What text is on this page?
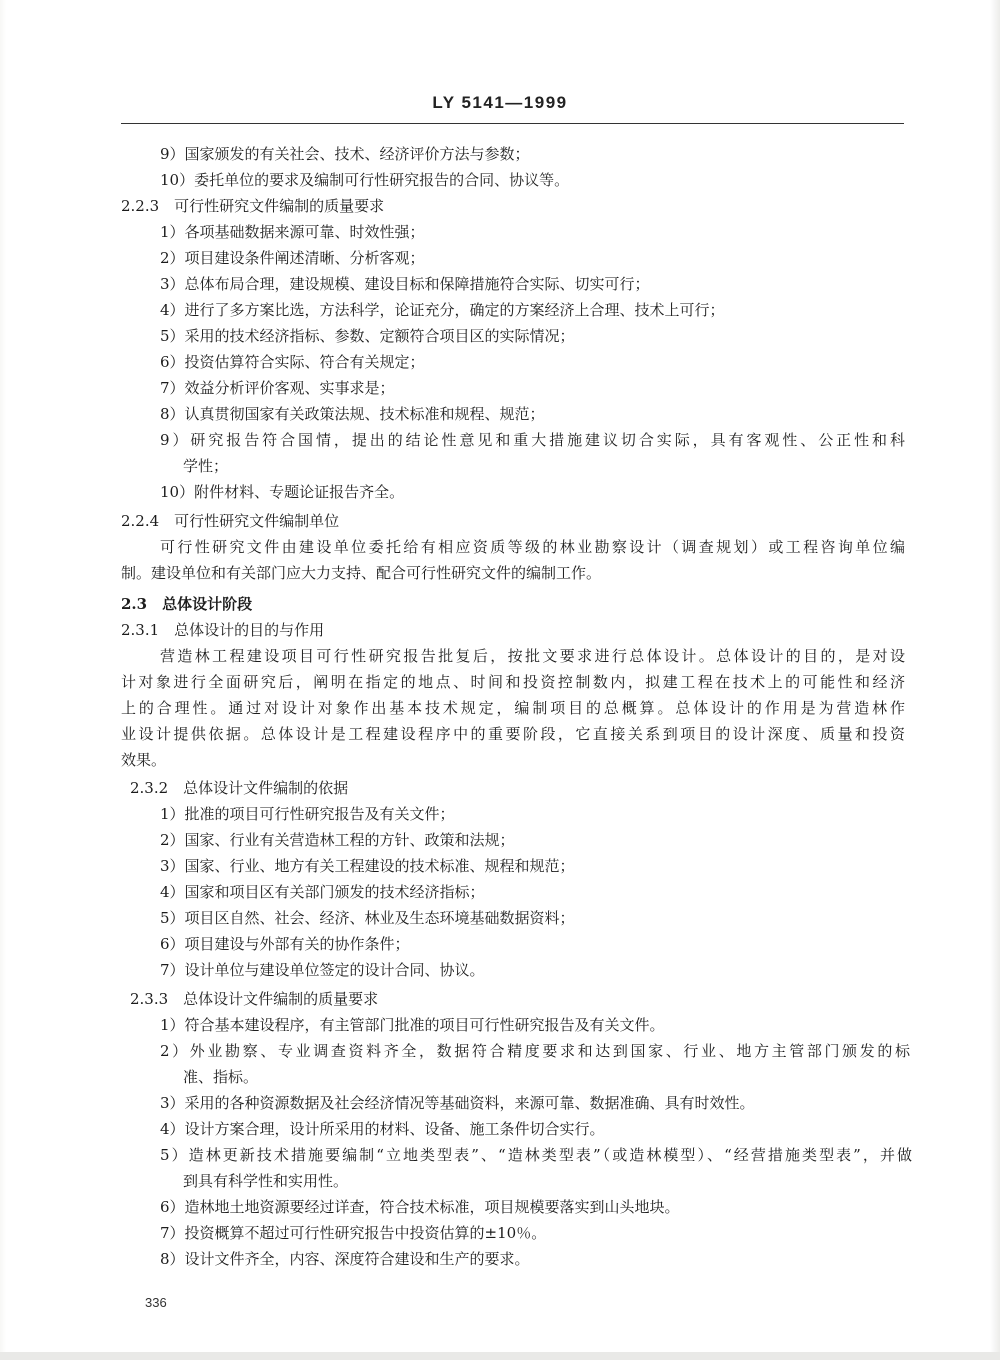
LY 5141—1999
9）国家颁发的有关社会、技术、经济评价方法与参数；
10）委托单位的要求及编制可行性研究报告的合同、协议等。
2.2.3　可行性研究文件编制的质量要求
1）各项基础数据来源可靠、时效性强；
2）项目建设条件阐述清晰、分析客观；
3）总体布局合理，建设规模、建设目标和保障措施符合实际、切实可行；
4）进行了多方案比选，方法科学，论证充分，确定的方案经济上合理、技术上可行；
5）采用的技术经济指标、参数、定额符合项目区的实际情况；
6）投资估算符合实际、符合有关规定；
7）效益分析评价客观、实事求是；
8）认真贯彻国家有关政策法规、技术标准和规程、规范；
9）研究报告符合国情，提出的结论性意见和重大措施建议切合实际，具有客观性、公正性和科
学性；
10）附件材料、专题论证报告齐全。
2.2.4　可行性研究文件编制单位
可行性研究文件由建设单位委托给有相应资质等级的林业勘察设计（调查规划）或工程咨询单位编
制。建设单位和有关部门应大力支持、配合可行性研究文件的编制工作。
2.3　总体设计阶段
2.3.1　总体设计的目的与作用
营造林工程建设项目可行性研究报告批复后，按批文要求进行总体设计。总体设计的目的，是对设
计对象进行全面研究后，阐明在指定的地点、时间和投资控制数内，拟建工程在技术上的可能性和经济
上的合理性。通过对设计对象作出基本技术规定，编制项目的总概算。总体设计的作用是为营造林作
业设计提供依据。总体设计是工程建设程序中的重要阶段，它直接关系到项目的设计深度、质量和投资
效果。
2.3.2　总体设计文件编制的依据
1）批准的项目可行性研究报告及有关文件；
2）国家、行业有关营造林工程的方针、政策和法规；
3）国家、行业、地方有关工程建设的技术标准、规程和规范；
4）国家和项目区有关部门颁发的技术经济指标；
5）项目区自然、社会、经济、林业及生态环境基础数据资料；
6）项目建设与外部有关的协作条件；
7）设计单位与建设单位签定的设计合同、协议。
2.3.3　总体设计文件编制的质量要求
1）符合基本建设程序，有主管部门批准的项目可行性研究报告及有关文件。
2）外业勘察、专业调查资料齐全，数据符合精度要求和达到国家、行业、地方主管部门颁发的标
准、指标。
3）采用的各种资源数据及社会经济情况等基础资料，来源可靠、数据准确、具有时效性。
4）设计方案合理，设计所采用的材料、设备、施工条件切合实行。
5）造林更新技术措施要编制“立地类型表”、“造林类型表”（或造林模型）、“经营措施类型表”，并做
到具有科学性和实用性。
6）造林地土地资源要经过详查，符合技术标准，项目规模要落实到山头地块。
7）投资概算不超过可行性研究报告中投资估算的±10％。
8）设计文件齐全，内容、深度符合建设和生产的要求。
336
